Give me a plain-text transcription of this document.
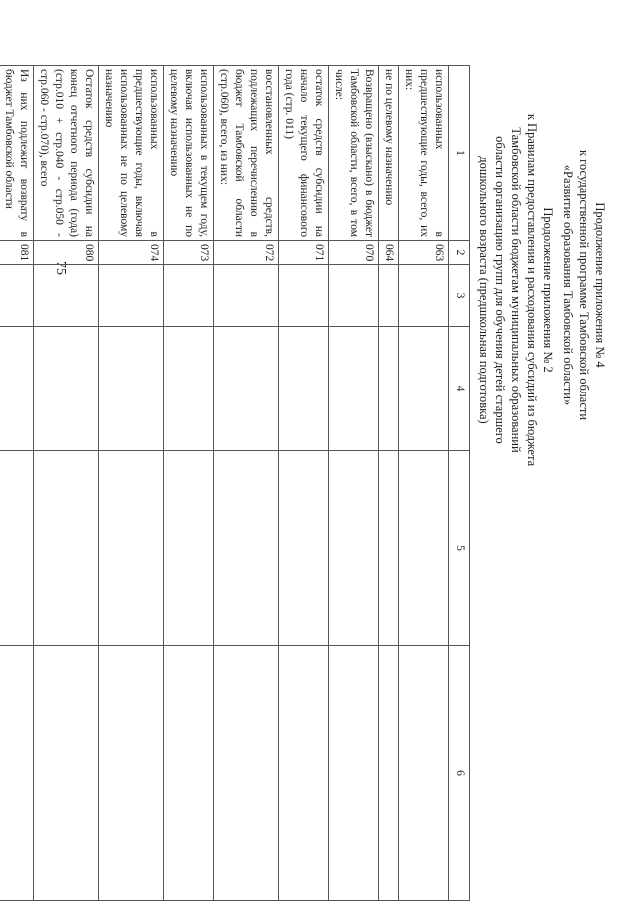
75	Продолжение приложения № 4
к государственной программе Тамбовской области
«Развитие образования Тамбовской области»
Продолжение приложения № 2
к Правилам предоставления и расходования субсидий из бюджета
Тамбовской области бюджетам муниципальных образований
области организацию групп для обучения детей старшего
дошкольного возраста (предшкольная подготовка)
1	2	3	4	5	6
использованных в предшествующие годы, всего, их них:	063				
не по целевому назначению	064				
Возвращено (взыскано) в бюджет Тамбовской области, всего, в том числе:	070				
остаток средств субсидии на начало текущего финансового года (стр. 011)	071				
восстановленных средств, подлежащих перечислению в бюджет Тамбовской области (стр.060), всего, из них:	072				
использованных в текущем году, включая использованных не по целевому назначению	073				
использованных в предшествующие годы, включая использованных не по целевому назначению	074				
Остаток средств субсидии на конец отчетного периода (года) (стр.010 + стр.040 - стр.050 - стр.060 - стр.070), всего	080				
Из них подлежит возврату в бюджет Тамбовской области	081				
